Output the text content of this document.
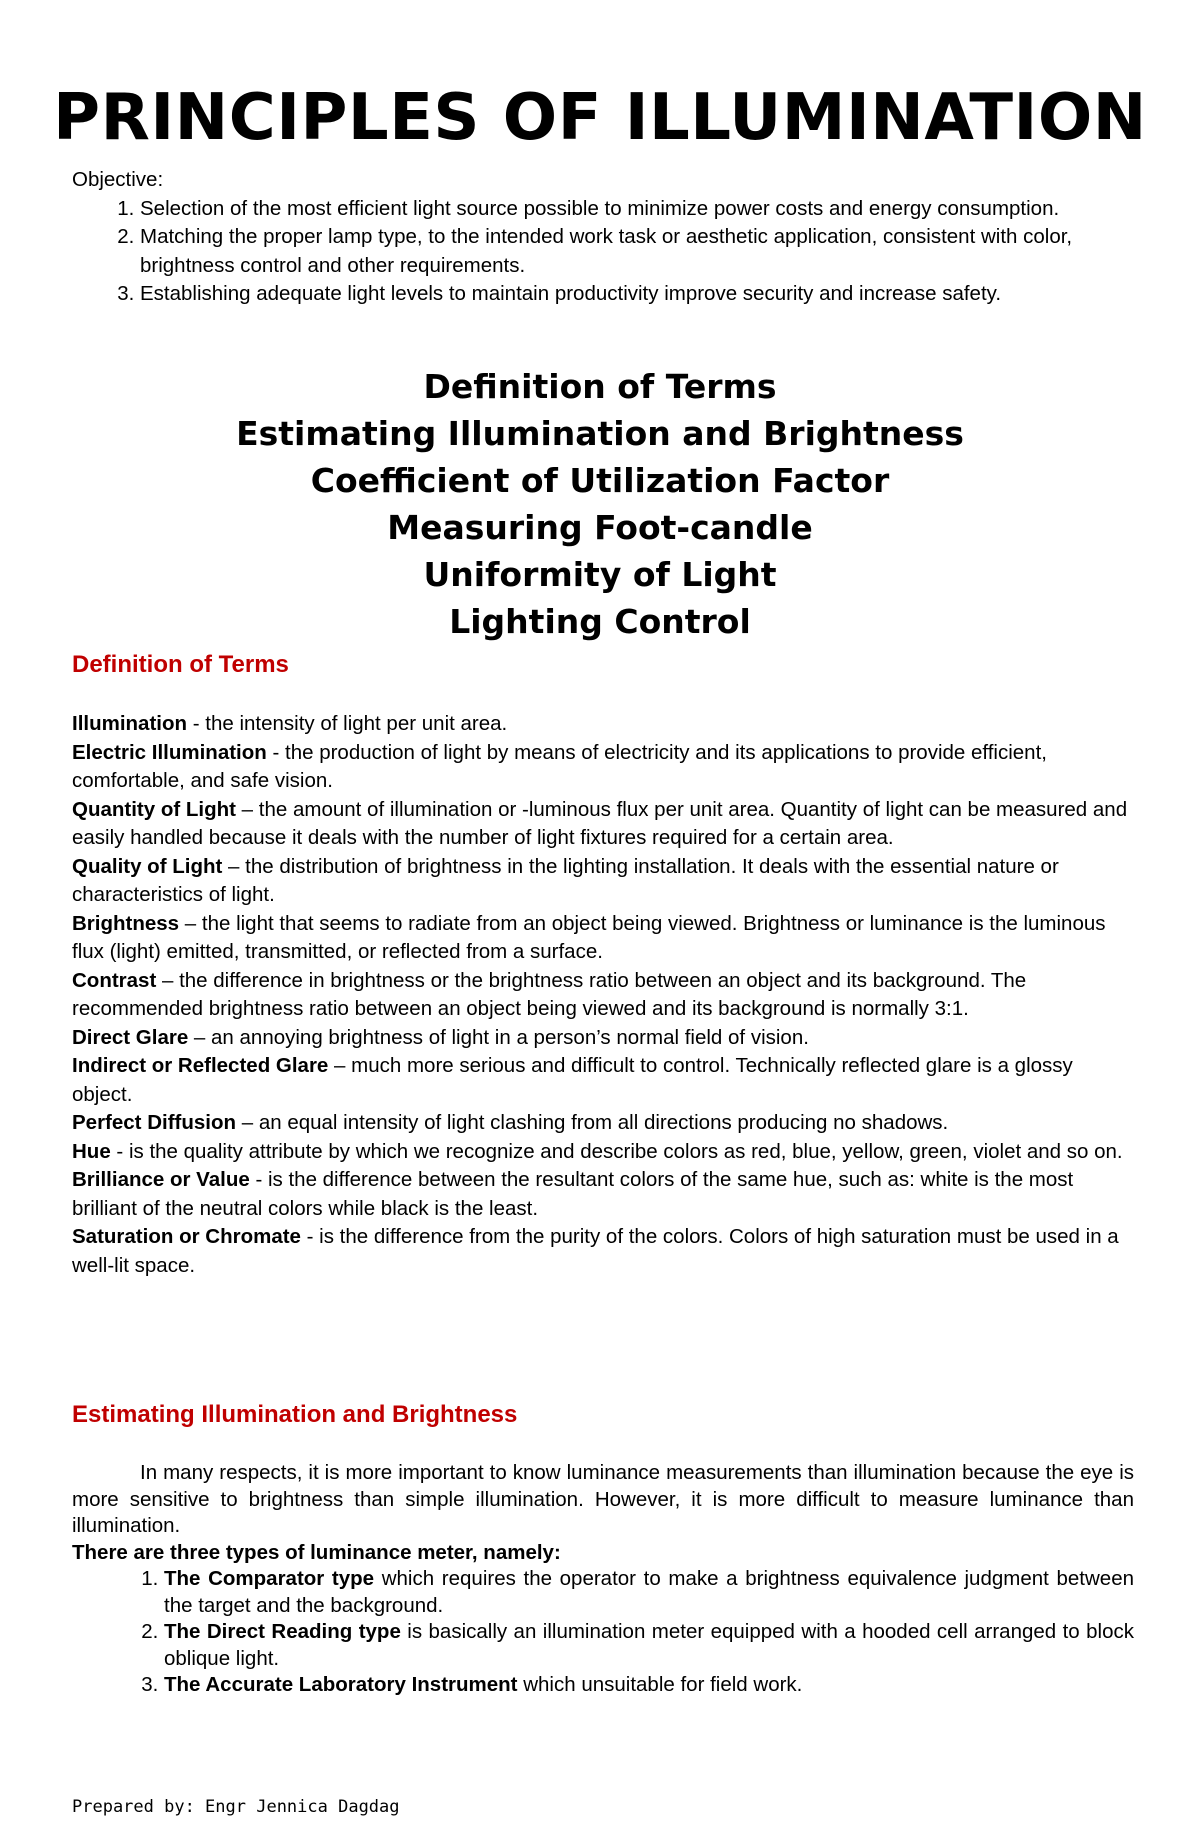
PRINCIPLES OF ILLUMINATION
Objective:
1. Selection of the most efficient light source possible to minimize power costs and energy consumption.
2. Matching the proper lamp type, to the intended work task or aesthetic application, consistent with color, brightness control and other requirements.
3. Establishing adequate light levels to maintain productivity improve security and increase safety.
Definition of Terms
Estimating Illumination and Brightness
Coefficient of Utilization Factor
Measuring Foot-candle
Uniformity of Light
Lighting Control
Definition of Terms

Illumination - the intensity of light per unit area.

Electric Illumination - the production of light by means of electricity and its applications to provide efficient, comfortable, and safe vision.

Quantity of Light – the amount of illumination or -luminous flux per unit area. Quantity of light can be measured and easily handled because it deals with the number of light fixtures required for a certain area.

Quality of Light – the distribution of brightness in the lighting installation. It deals with the essential nature or characteristics of light.

Brightness – the light that seems to radiate from an object being viewed. Brightness or luminance is the luminous flux (light) emitted, transmitted, or reflected from a surface.

Contrast – the difference in brightness or the brightness ratio between an object and its background. The recommended brightness ratio between an object being viewed and its background is normally 3:1.

Direct Glare – an annoying brightness of light in a person’s normal field of vision.

Indirect or Reflected Glare – much more serious and difficult to control. Technically reflected glare is a glossy object.

Perfect Diffusion – an equal intensity of light clashing from all directions producing no shadows.

Hue - is the quality attribute by which we recognize and describe colors as red, blue, yellow, green, violet and so on.

Brilliance or Value - is the difference between the resultant colors of the same hue, such as: white is the most brilliant of the neutral colors while black is the least.

Saturation or Chromate - is the difference from the purity of the colors. Colors of high saturation must be used in a well-lit space.

Estimating Illumination and Brightness

In many respects, it is more important to know luminance measurements than illumination because the eye is more sensitive to brightness than simple illumination. However, it is more difficult to measure luminance than illumination.

There are three types of luminance meter, namely:
1. The Comparator type which requires the operator to make a brightness equivalence judgment between the target and the background.
2. The Direct Reading type is basically an illumination meter equipped with a hooded cell arranged to block oblique light.
3. The Accurate Laboratory Instrument which unsuitable for field work.
Prepared by: Engr Jennica Dagdag
